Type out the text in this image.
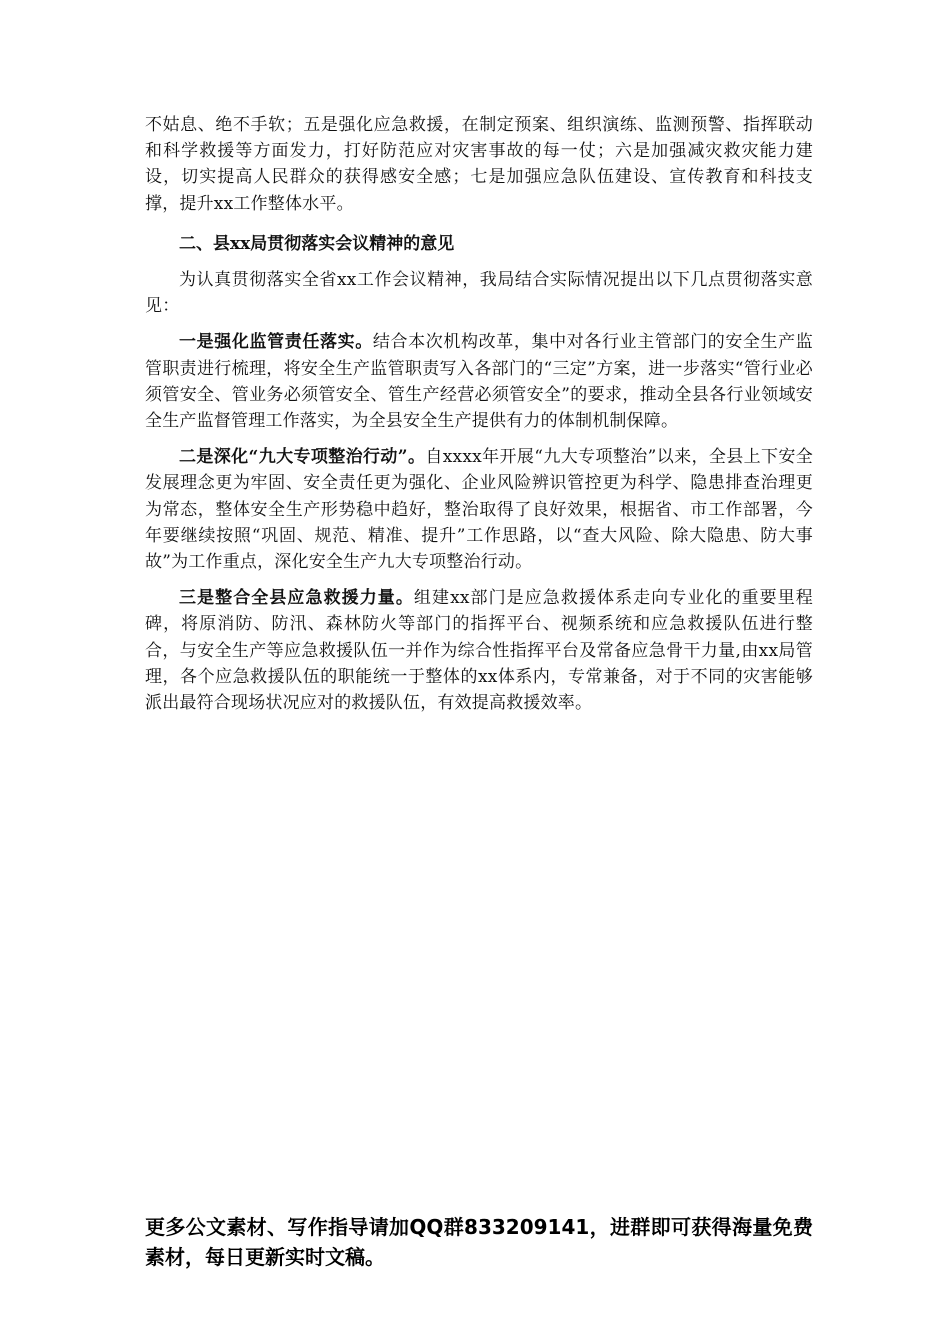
不姑息、绝不手软；五是强化应急救援，在制定预案、组织演练、监测预警、指挥联动和科学救援等方面发力，打好防范应对灾害事故的每一仗；六是加强减灾救灾能力建设，切实提高人民群众的获得感安全感；七是加强应急队伍建设、宣传教育和科技支撑，提升xx工作整体水平。

二、县xx局贯彻落实会议精神的意见

为认真贯彻落实全省xx工作会议精神，我局结合实际情况提出以下几点贯彻落实意见：

一是强化监管责任落实。结合本次机构改革，集中对各行业主管部门的安全生产监管职责进行梳理，将安全生产监管职责写入各部门的“三定”方案，进一步落实“管行业必须管安全、管业务必须管安全、管生产经营必须管安全”的要求，推动全县各行业领域安全生产监督管理工作落实，为全县安全生产提供有力的体制机制保障。

二是深化“九大专项整治行动”。自xxxx年开展“九大专项整治”以来，全县上下安全发展理念更为牢固、安全责任更为强化、企业风险辨识管控更为科学、隐患排查治理更为常态，整体安全生产形势稳中趋好，整治取得了良好效果，根据省、市工作部署，今年要继续按照“巩固、规范、精准、提升”工作思路，以“查大风险、除大隐患、防大事故”为工作重点，深化安全生产九大专项整治行动。

三是整合全县应急救援力量。组建xx部门是应急救援体系走向专业化的重要里程碑，将原消防、防汛、森林防火等部门的指挥平台、视频系统和应急救援队伍进行整合，与安全生产等应急救援队伍一并作为综合性指挥平台及常备应急骨干力量,由xx局管理，各个应急救援队伍的职能统一于整体的xx体系内，专常兼备，对于不同的灾害能够派出最符合现场状况应对的救援队伍，有效提高救援效率。

更多公文素材、写作指导请加QQ群833209141，进群即可获得海量免费素材，每日更新实时文稿。
